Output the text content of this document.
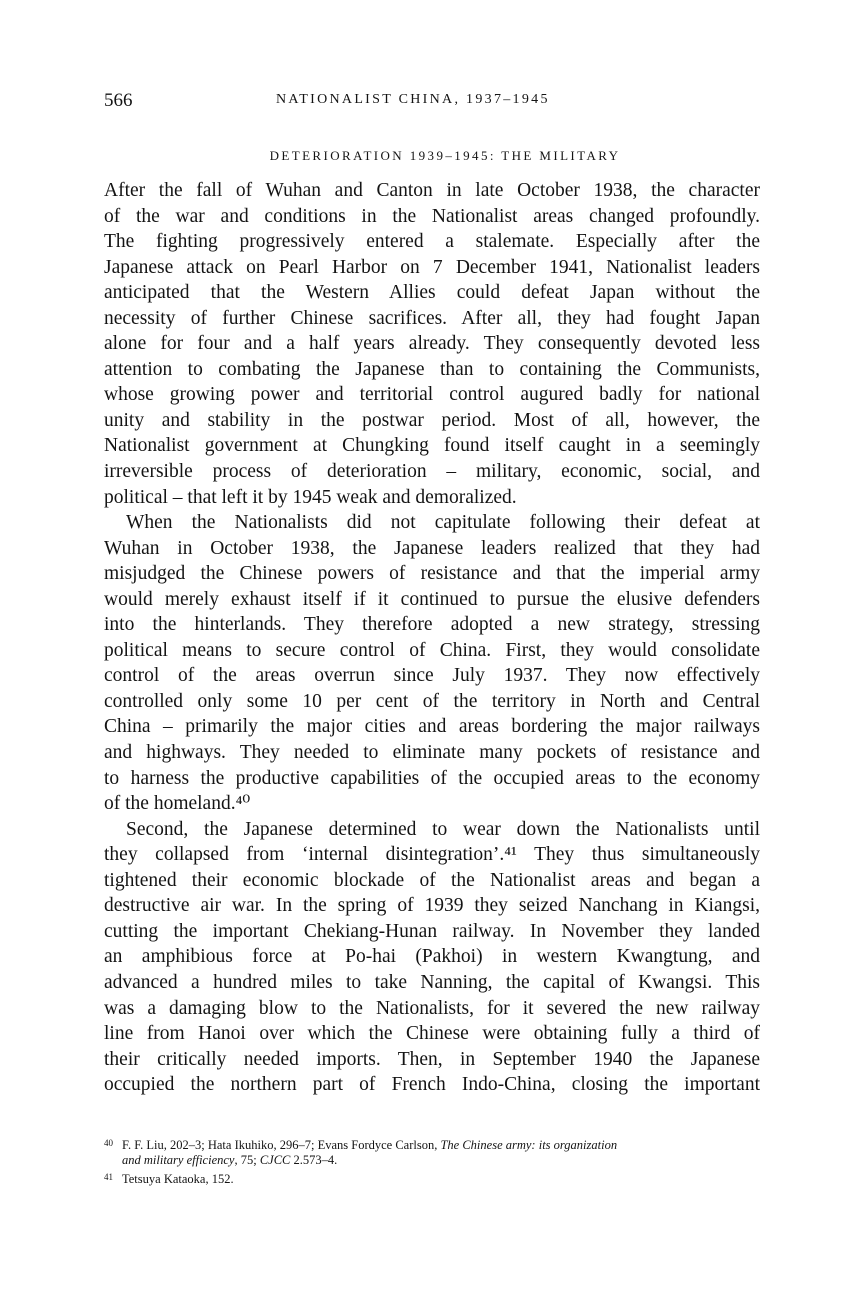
566	NATIONALIST CHINA, 1937–1945
DETERIORATION 1939–1945: THE MILITARY
After the fall of Wuhan and Canton in late October 1938, the character
of the war and conditions in the Nationalist areas changed profoundly.
The fighting progressively entered a stalemate. Especially after the
Japanese attack on Pearl Harbor on 7 December 1941, Nationalist leaders
anticipated that the Western Allies could defeat Japan without the
necessity of further Chinese sacrifices. After all, they had fought Japan
alone for four and a half years already. They consequently devoted less
attention to combating the Japanese than to containing the Communists,
whose growing power and territorial control augured badly for national
unity and stability in the postwar period. Most of all, however, the
Nationalist government at Chungking found itself caught in a seemingly
irreversible process of deterioration – military, economic, social, and
political – that left it by 1945 weak and demoralized.
When the Nationalists did not capitulate following their defeat at
Wuhan in October 1938, the Japanese leaders realized that they had
misjudged the Chinese powers of resistance and that the imperial army
would merely exhaust itself if it continued to pursue the elusive defenders
into the hinterlands. They therefore adopted a new strategy, stressing
political means to secure control of China. First, they would consolidate
control of the areas overrun since July 1937. They now effectively
controlled only some 10 per cent of the territory in North and Central
China – primarily the major cities and areas bordering the major railways
and highways. They needed to eliminate many pockets of resistance and
to harness the productive capabilities of the occupied areas to the economy
of the homeland.⁴⁰
Second, the Japanese determined to wear down the Nationalists until
they collapsed from ‘internal disintegration’.⁴¹ They thus simultaneously
tightened their economic blockade of the Nationalist areas and began a
destructive air war. In the spring of 1939 they seized Nanchang in Kiangsi,
cutting the important Chekiang-Hunan railway. In November they landed
an amphibious force at Po-hai (Pakhoi) in western Kwangtung, and
advanced a hundred miles to take Nanning, the capital of Kwangsi. This
was a damaging blow to the Nationalists, for it severed the new railway
line from Hanoi over which the Chinese were obtaining fully a third of
their critically needed imports. Then, in September 1940 the Japanese
occupied the northern part of French Indo-China, closing the important
40 F. F. Liu, 202–3; Hata Ikuhiko, 296–7; Evans Fordyce Carlson, The Chinese army: its organization
and military efficiency, 75; CJCC 2.573–4.
41 Tetsuya Kataoka, 152.
